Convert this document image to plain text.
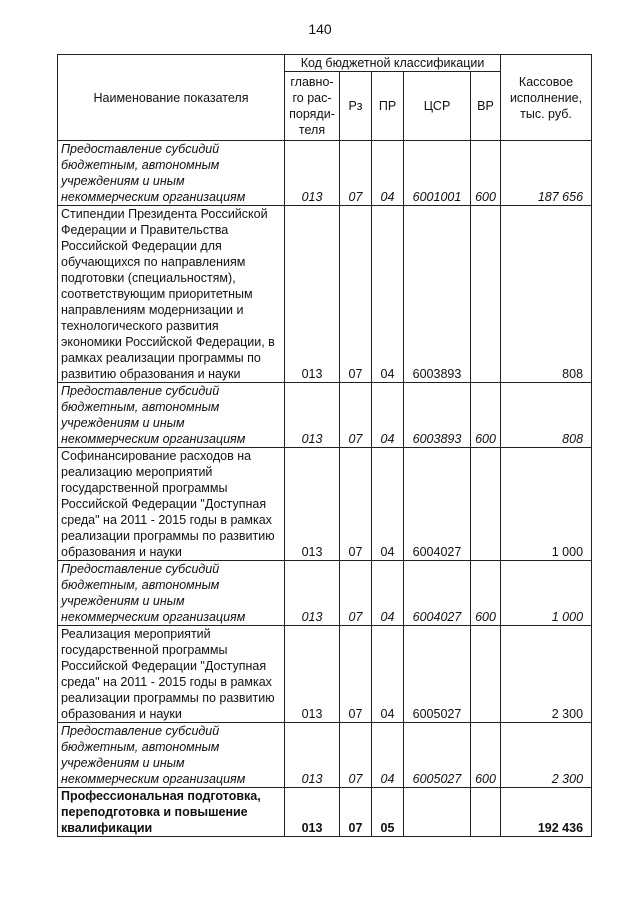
140
Наименование показателя	Код бюджетной классификации					Кассовое исполнение, тыс. руб.
	главно- го рас- поряди- теля	Рз	ПР	ЦСР	ВР	
Предоставление субсидий бюджетным, автономным учреждениям и иным некоммерческим организациям	013	07	04	6001001	600	187 656
Стипендии Президента Российской Федерации и Правительства Российской Федерации для обучающихся по направлениям подготовки (специальностям), соответствующим приоритетным направлениям модернизации и технологического развития экономики Российской Федерации, в рамках реализации программы по развитию образования и науки	013	07	04	6003893		808
Предоставление субсидий бюджетным, автономным учреждениям и иным некоммерческим организациям	013	07	04	6003893	600	808
Софинансирование расходов на реализацию мероприятий государственной программы Российской Федерации "Доступная среда" на 2011 - 2015 годы в рамках реализации программы по развитию образования и науки	013	07	04	6004027		1 000
Предоставление субсидий бюджетным, автономным учреждениям и иным некоммерческим организациям	013	07	04	6004027	600	1 000
Реализация мероприятий государственной программы Российской Федерации "Доступная среда" на 2011 - 2015 годы в рамках реализации программы по развитию образования и науки	013	07	04	6005027		2 300
Предоставление субсидий бюджетным, автономным учреждениям и иным некоммерческим организациям	013	07	04	6005027	600	2 300
Профессиональная подготовка, переподготовка и повышение квалификации	013	07	05			192 436
